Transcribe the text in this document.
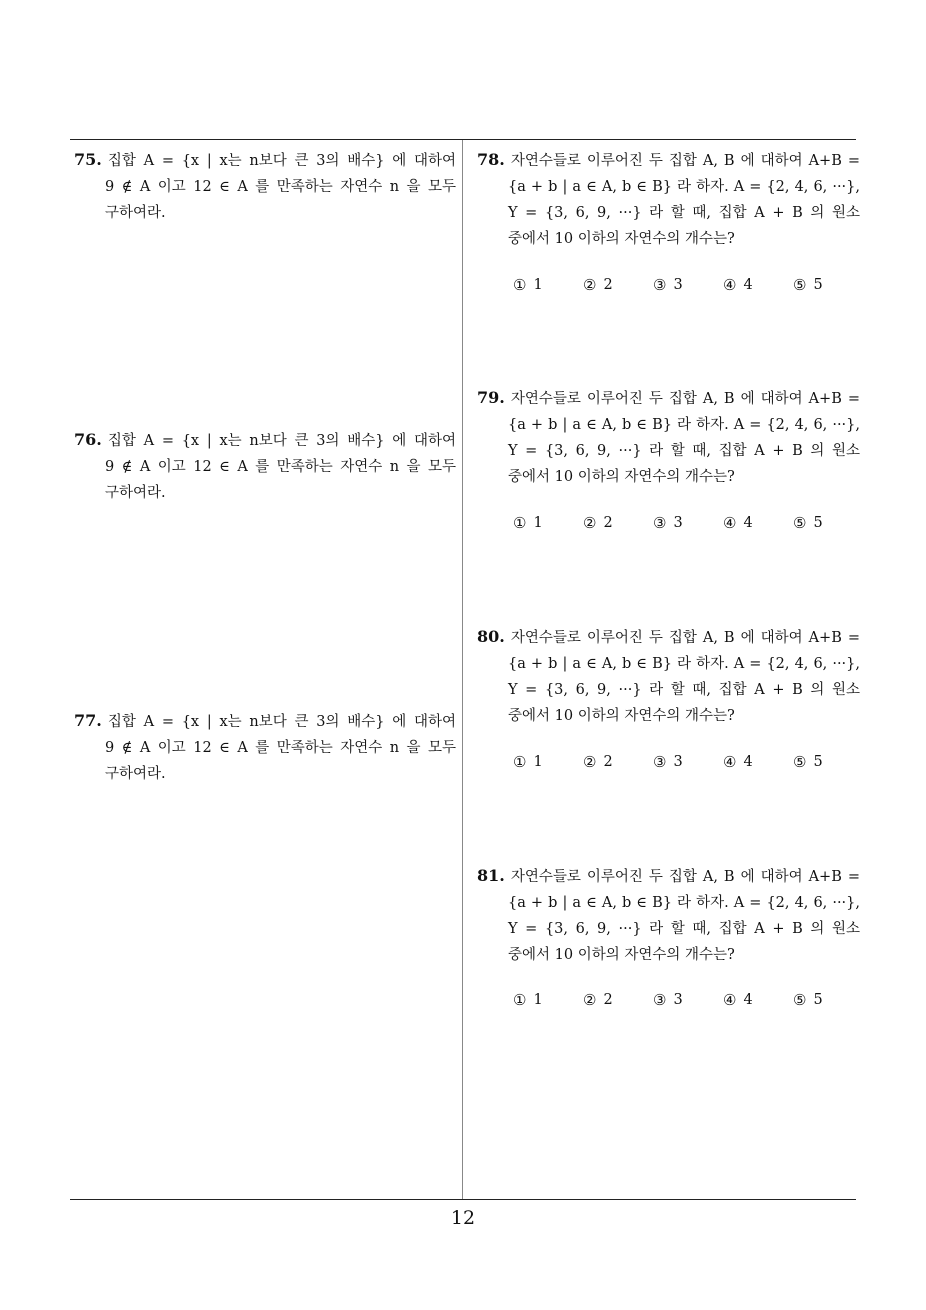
75. 집합 A = {x | x는 n보다 큰 3의 배수} 에 대하여
9 ∉ A 이고 12 ∈ A 를 만족하는 자연수 n 을 모두
구하여라.
76. 집합 A = {x | x는 n보다 큰 3의 배수} 에 대하여
9 ∉ A 이고 12 ∈ A 를 만족하는 자연수 n 을 모두
구하여라.
77. 집합 A = {x | x는 n보다 큰 3의 배수} 에 대하여
9 ∉ A 이고 12 ∈ A 를 만족하는 자연수 n 을 모두
구하여라.
78. 자연수들로 이루어진 두 집합 A, B 에 대하여 A+B =
{a + b | a ∈ A, b ∈ B} 라 하자. A = {2, 4, 6, ···},
Y = {3, 6, 9, ···} 라 할 때, 집합 A + B 의 원소
중에서 10 이하의 자연수의 개수는?
① 1	② 2	③ 3	④ 4	⑤ 5
79. 자연수들로 이루어진 두 집합 A, B 에 대하여 A+B =
{a + b | a ∈ A, b ∈ B} 라 하자. A = {2, 4, 6, ···},
Y = {3, 6, 9, ···} 라 할 때, 집합 A + B 의 원소
중에서 10 이하의 자연수의 개수는?
① 1	② 2	③ 3	④ 4	⑤ 5
80. 자연수들로 이루어진 두 집합 A, B 에 대하여 A+B =
{a + b | a ∈ A, b ∈ B} 라 하자. A = {2, 4, 6, ···},
Y = {3, 6, 9, ···} 라 할 때, 집합 A + B 의 원소
중에서 10 이하의 자연수의 개수는?
① 1	② 2	③ 3	④ 4	⑤ 5
81. 자연수들로 이루어진 두 집합 A, B 에 대하여 A+B =
{a + b | a ∈ A, b ∈ B} 라 하자. A = {2, 4, 6, ···},
Y = {3, 6, 9, ···} 라 할 때, 집합 A + B 의 원소
중에서 10 이하의 자연수의 개수는?
① 1	② 2	③ 3	④ 4	⑤ 5
12
